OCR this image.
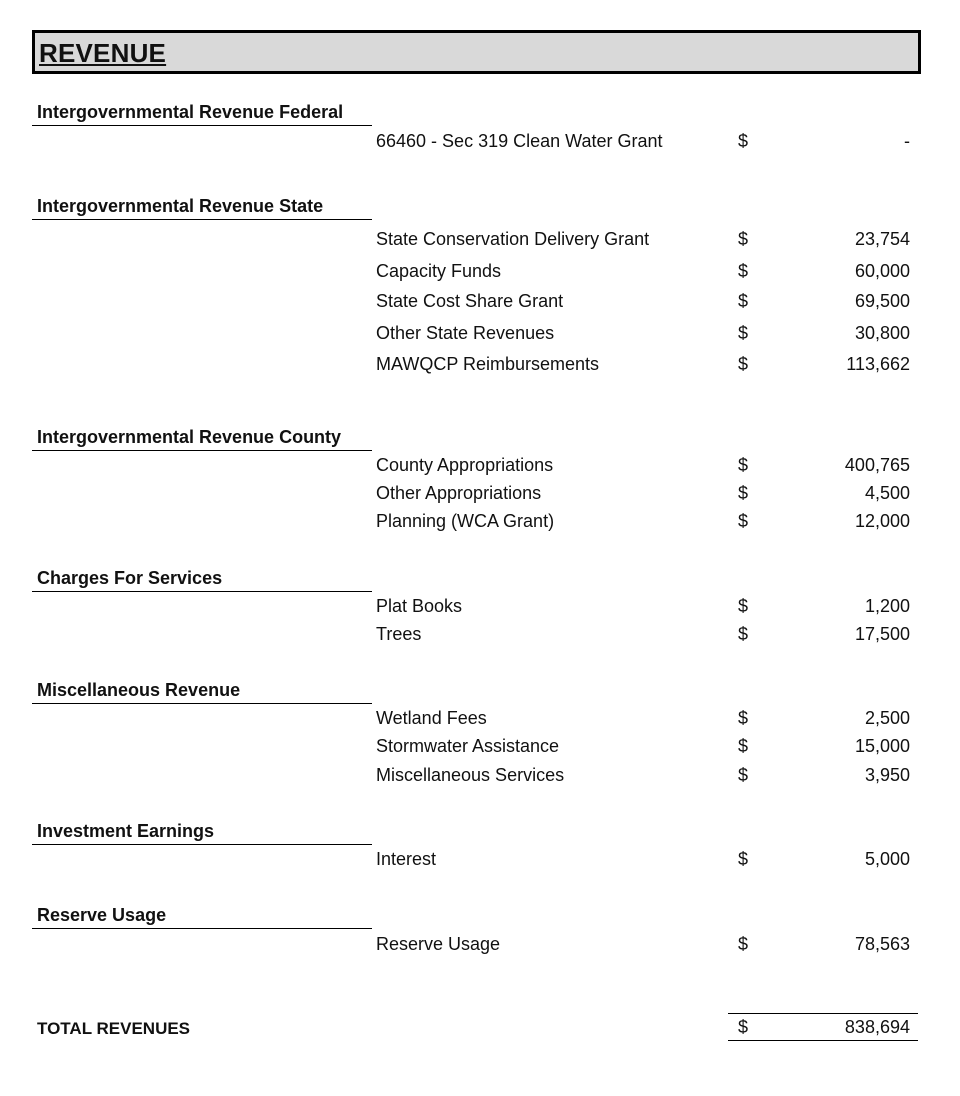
REVENUE
Intergovernmental Revenue Federal
66460 - Sec 319 Clean Water Grant	$	-
Intergovernmental Revenue State
State Conservation Delivery Grant	$	23,754
Capacity Funds	$	60,000
State Cost Share Grant	$	69,500
Other State Revenues	$	30,800
MAWQCP Reimbursements	$	113,662
Intergovernmental Revenue County
County Appropriations	$	400,765
Other Appropriations	$	4,500
Planning (WCA Grant)	$	12,000
Charges For Services
Plat Books	$	1,200
Trees	$	17,500
Miscellaneous Revenue
Wetland Fees	$	2,500
Stormwater Assistance	$	15,000
Miscellaneous Services	$	3,950
Investment Earnings
Interest	$	5,000
Reserve Usage
Reserve Usage	$	78,563
TOTAL REVENUES	$	838,694
